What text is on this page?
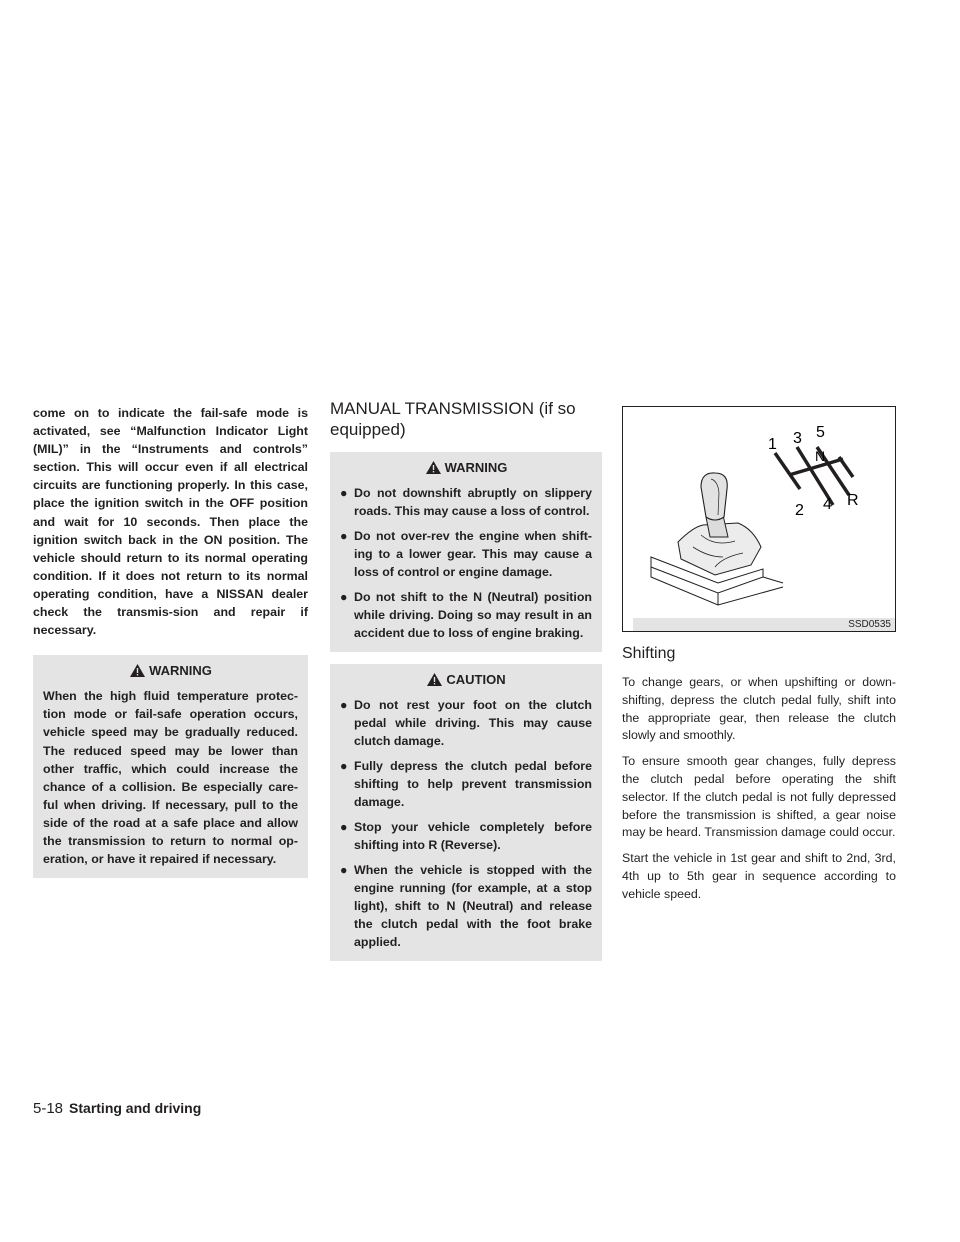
come on to indicate the fail-safe mode is activated, see “Malfunction Indicator Light (MIL)” in the “Instruments and controls” section. This will occur even if all electrical circuits are functioning properly. In this case, place the ignition switch in the OFF position and wait for 10 seconds. Then place the ignition switch back in the ON position. The vehicle should return to its normal operating condition. If it does not return to its normal operating condition, have a NISSAN dealer check the transmis-sion and repair if necessary.

WARNING

When the high fluid temperature protec-tion mode or fail-safe operation occurs, vehicle speed may be gradually reduced. The reduced speed may be lower than other traffic, which could increase the chance of a collision. Be especially care-ful when driving. If necessary, pull to the side of the road at a safe place and allow the transmission to return to normal op-eration, or have it repaired if necessary.

MANUAL TRANSMISSION (if so
equipped)
WARNING
● Do not downshift abruptly on slippery roads. This may cause a loss of control.
● Do not over-rev the engine when shift-ing to a lower gear. This may cause a loss of control or engine damage.
● Do not shift to the N (Neutral) position while driving. Doing so may result in an accident due to loss of engine braking.
CAUTION
● Do not rest your foot on the clutch pedal while driving. This may cause clutch damage.
● Fully depress the clutch pedal before shifting to help prevent transmission damage.
● Stop your vehicle completely before shifting into R (Reverse).
● When the vehicle is stopped with the engine running (for example, at a stop light), shift to N (Neutral) and release the clutch pedal with the foot brake applied.
1 3 5
N
2 4 R
SSD0535
Shifting

To change gears, or when upshifting or down-shifting, depress the clutch pedal fully, shift into the appropriate gear, then release the clutch slowly and smoothly.

To ensure smooth gear changes, fully depress the clutch pedal before operating the shift selector. If the clutch pedal is not fully depressed before the transmission is shifted, a gear noise may be heard. Transmission damage could occur.

Start the vehicle in 1st gear and shift to 2nd, 3rd, 4th up to 5th gear in sequence according to vehicle speed.

5-18 Starting and driving
